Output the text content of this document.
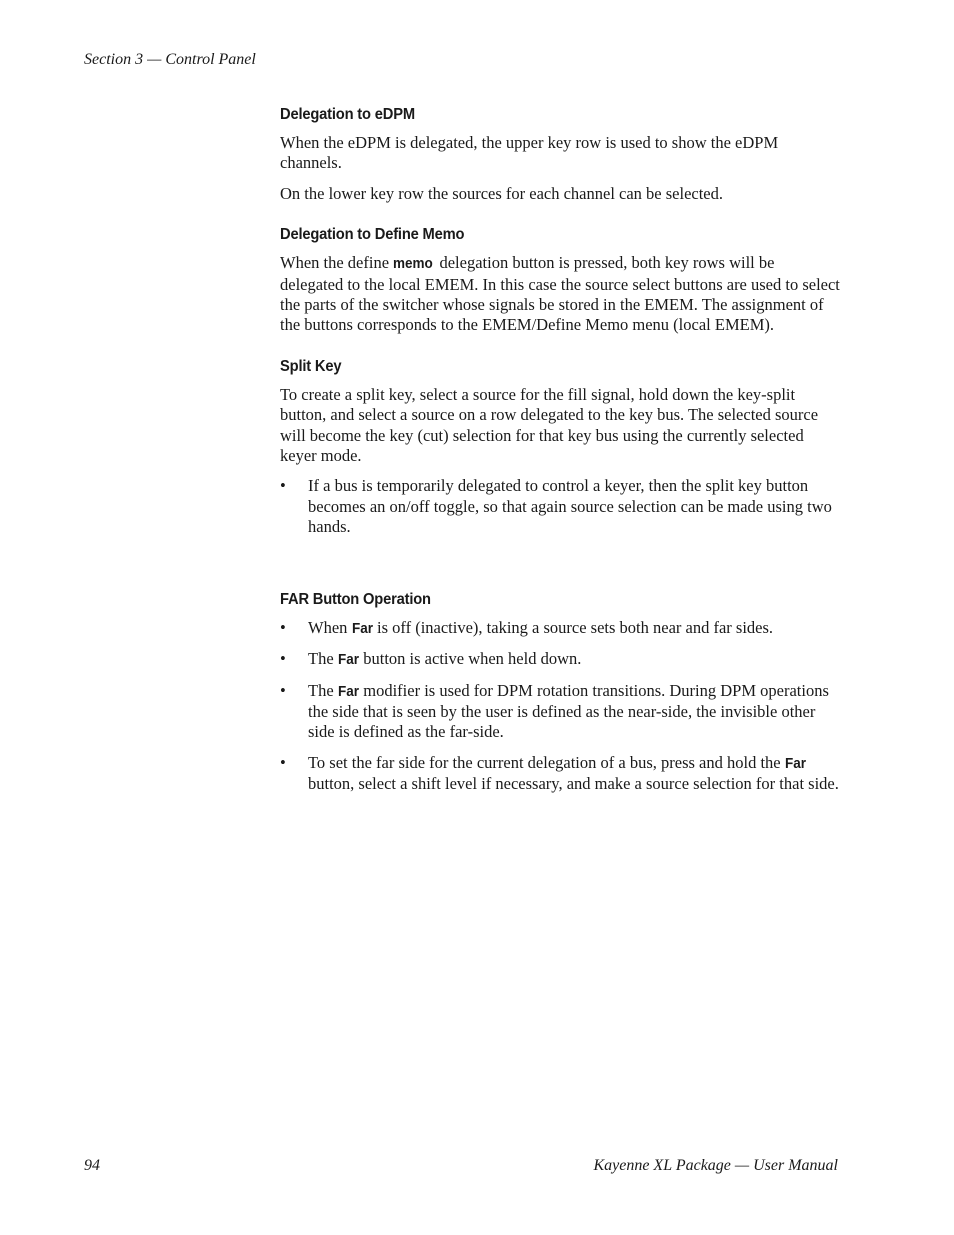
Section 3 — Control Panel
Delegation to eDPM

When the eDPM is delegated, the upper key row is used to show the eDPM channels.

On the lower key row the sources for each channel can be selected.

Delegation to Define Memo

When the define memo delegation button is pressed, both key rows will be delegated to the local EMEM. In this case the source select buttons are used to select the parts of the switcher whose signals be stored in the EMEM. The assignment of the buttons corresponds to the EMEM/Define Memo menu (local EMEM).

Split Key

To create a split key, select a source for the fill signal, hold down the key-split button, and select a source on a row delegated to the key bus. The selected source will become the key (cut) selection for that key bus using the currently selected keyer mode.

• If a bus is temporarily delegated to control a keyer, then the split key button becomes an on/off toggle, so that again source selection can be made using two hands.
FAR Button Operation
• When Far is off (inactive), taking a source sets both near and far sides.
• The Far button is active when held down.
• The Far modifier is used for DPM rotation transitions. During DPM operations the side that is seen by the user is defined as the near-side, the invisible other side is defined as the far-side.
• To set the far side for the current delegation of a bus, press and hold the Far button, select a shift level if necessary, and make a source selection for that side.
94	Kayenne XL Package — User Manual
